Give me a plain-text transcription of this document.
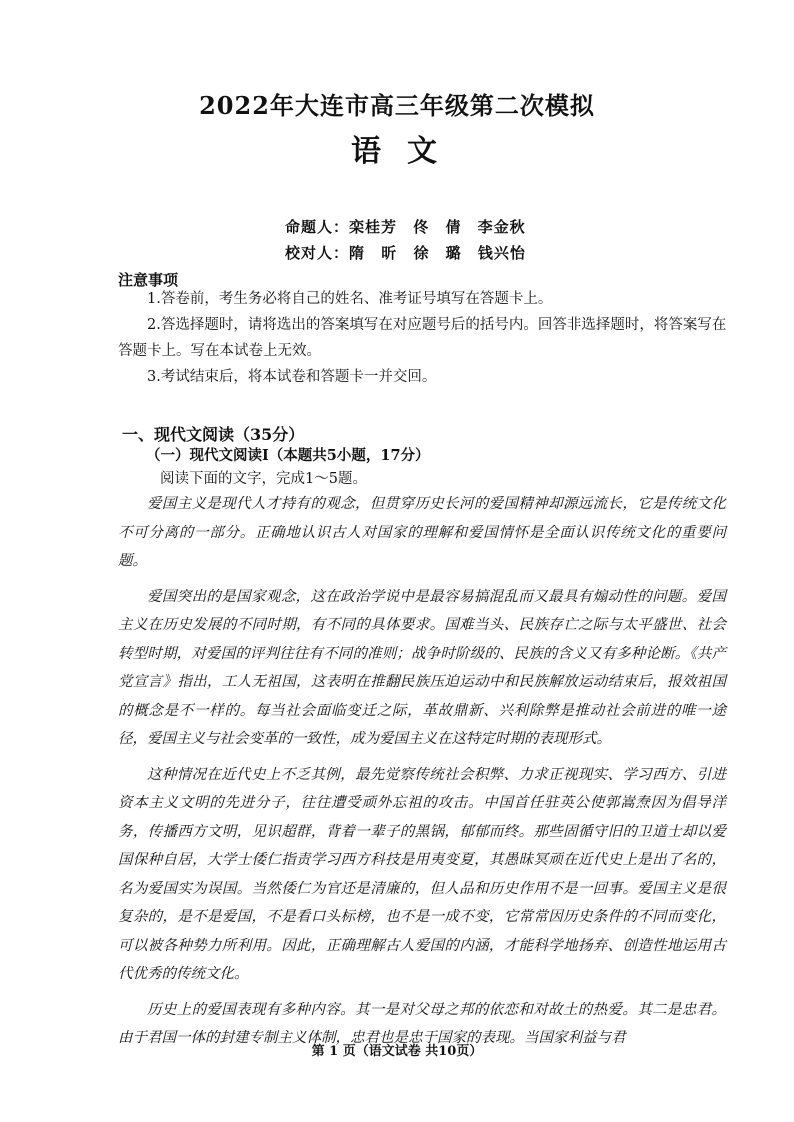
2022年大连市高三年级第二次模拟
语文
命题人：栾桂芳 佟 倩 李金秋
校对人：隋 昕 徐 璐 钱兴怡
注意事项
1.答卷前，考生务必将自己的姓名、准考证号填写在答题卡上。
2.答选择题时，请将选出的答案填写在对应题号后的括号内。回答非选择题时，将答案写在答题卡上。写在本试卷上无效。
3.考试结束后，将本试卷和答题卡一并交回。
一、现代文阅读（35分）
（一）现代文阅读Ⅰ（本题共5小题，17分）
阅读下面的文字，完成1～5题。

爱国主义是现代人才持有的观念，但贯穿历史长河的爱国精神却源远流长，它是传统文化不可分离的一部分。正确地认识古人对国家的理解和爱国情怀是全面认识传统文化的重要问题。

爱国突出的是国家观念，这在政治学说中是最容易搞混乱而又最具有煽动性的问题。爱国主义在历史发展的不同时期，有不同的具体要求。国难当头、民族存亡之际与太平盛世、社会转型时期，对爱国的评判往往有不同的准则；战争时阶级的、民族的含义又有多种论断。《共产党宣言》指出，工人无祖国，这表明在推翻民族压迫运动中和民族解放运动结束后，报效祖国的概念是不一样的。每当社会面临变迁之际，革故鼎新、兴利除弊是推动社会前进的唯一途径，爱国主义与社会变革的一致性，成为爱国主义在这特定时期的表现形式。

这种情况在近代史上不乏其例，最先觉察传统社会积弊、力求正视现实、学习西方、引进资本主义文明的先进分子，往往遭受顽外忘祖的攻击。中国首任驻英公使郭嵩焘因为倡导洋务，传播西方文明，见识超群，背着一辈子的黑锅，郁郁而终。那些固循守旧的卫道士却以爱国保种自居，大学士倭仁指责学习西方科技是用夷变夏，其愚昧冥顽在近代史上是出了名的，名为爱国实为误国。当然倭仁为官还是清廉的，但人品和历史作用不是一回事。爱国主义是很复杂的，是不是爱国，不是看口头标榜，也不是一成不变，它常常因历史条件的不同而变化，可以被各种势力所利用。因此，正确理解古人爱国的内涵，才能科学地扬弃、创造性地运用古代优秀的传统文化。

历史上的爱国表现有多种内容。其一是对父母之邦的依恋和对故土的热爱。其二是忠君。由于君国一体的封建专制主义体制，忠君也是忠于国家的表现。当国家利益与君

第 1 页（语文试卷 共10页）
